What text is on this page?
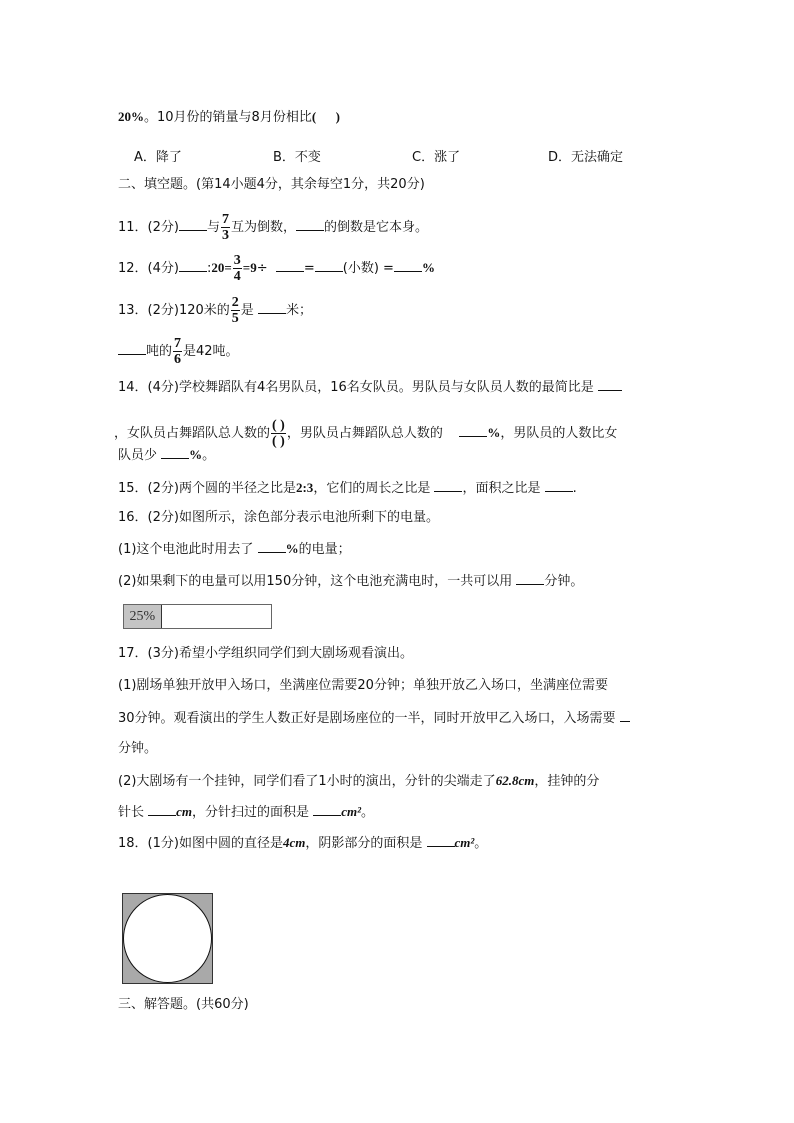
20%。10月份的销量与8月份相比(      )
A．降了	B．不变	C．涨了	D．无法确定
二、填空题。(第14小题4分，其余每空1分，共20分)
11．(2分) 与 $\frac{7}{3}$ 互为倒数， 的倒数是它本身。
12．(4分) :20= $\frac{3}{4} =9\div$	= (小数) = %
13．(2分)120米的 $\frac{2}{5}$ 是 米；
吨的 $\frac{7}{6}$ 是42吨。
14．(4分)学校舞蹈队有4名男队员，16名女队员。男队员与女队员人数的最简比是
，女队员占舞蹈队总人数的 $\frac{( )}{( )}$ ，男队员占舞蹈队总人数的	%，男队员的人数比女
队员少 %。
15．(2分)两个圆的半径之比是2:3，它们的周长之比是 ，面积之比是 .
16．(2分)如图所示，涂色部分表示电池所剩下的电量。
(1)这个电池此时用去了 %的电量；
(2)如果剩下的电量可以用150分钟，这个电池充满电时，一共可以用 分钟。
25%
17．(3分)希望小学组织同学们到大剧场观看演出。
(1)剧场单独开放甲入场口，坐满座位需要20分钟；单独开放乙入场口，坐满座位需要
30分钟。观看演出的学生人数正好是剧场座位的一半，同时开放甲乙入场口，入场需要
分钟。
(2)大剧场有一个挂钟，同学们看了1小时的演出，分针的尖端走了62.8cm，挂钟的分
针长 cm，分针扫过的面积是 cm²。
18．(1分)如图中圆的直径是4cm，阴影部分的面积是 cm²。
三、解答题。(共60分)
